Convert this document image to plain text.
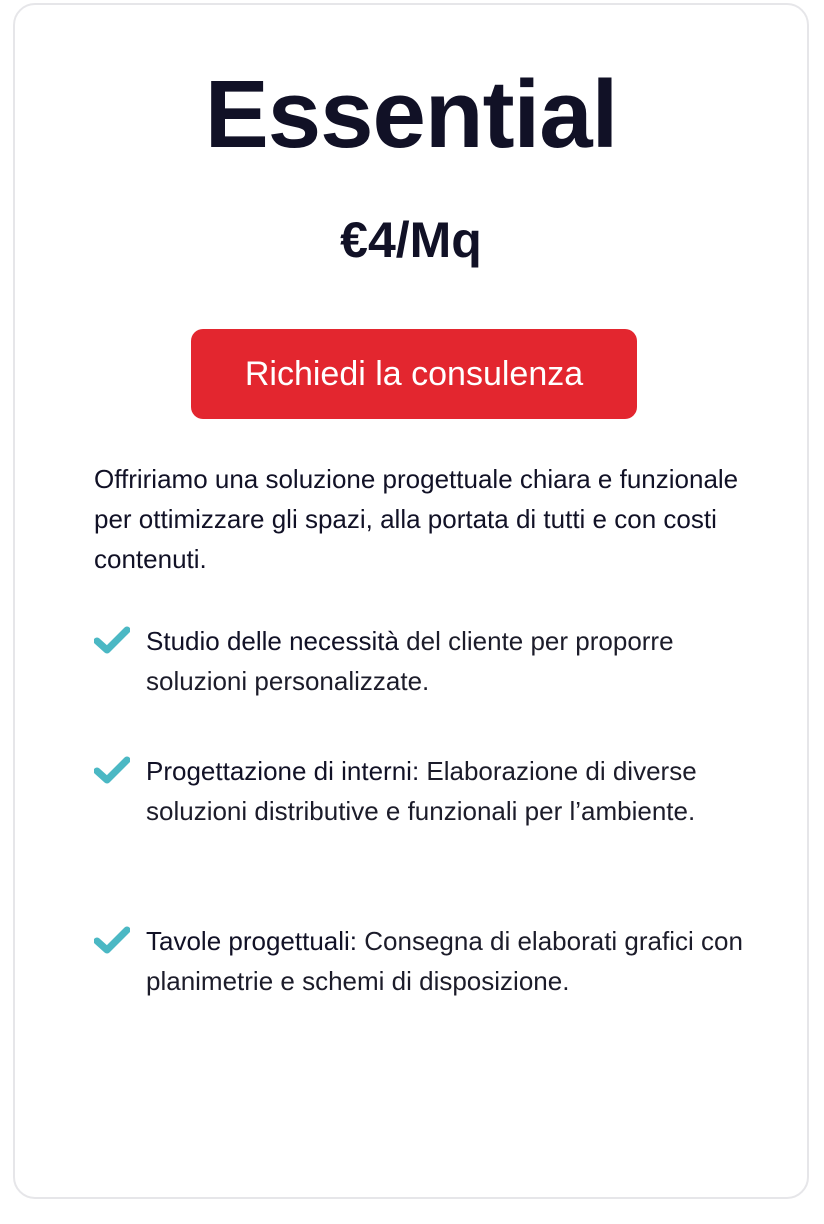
Essential
€4/Mq
Richiedi la consulenza

Offririamo una soluzione progettuale chiara e funzionale per ottimizzare gli spazi, alla portata di tutti e con costi contenuti.

Studio delle necessità del cliente per proporre soluzioni personalizzate.

Progettazione di interni: Elaborazione di diverse soluzioni distributive e funzionali per l’ambiente.

Tavole progettuali: Consegna di elaborati grafici con planimetrie e schemi di disposizione.
